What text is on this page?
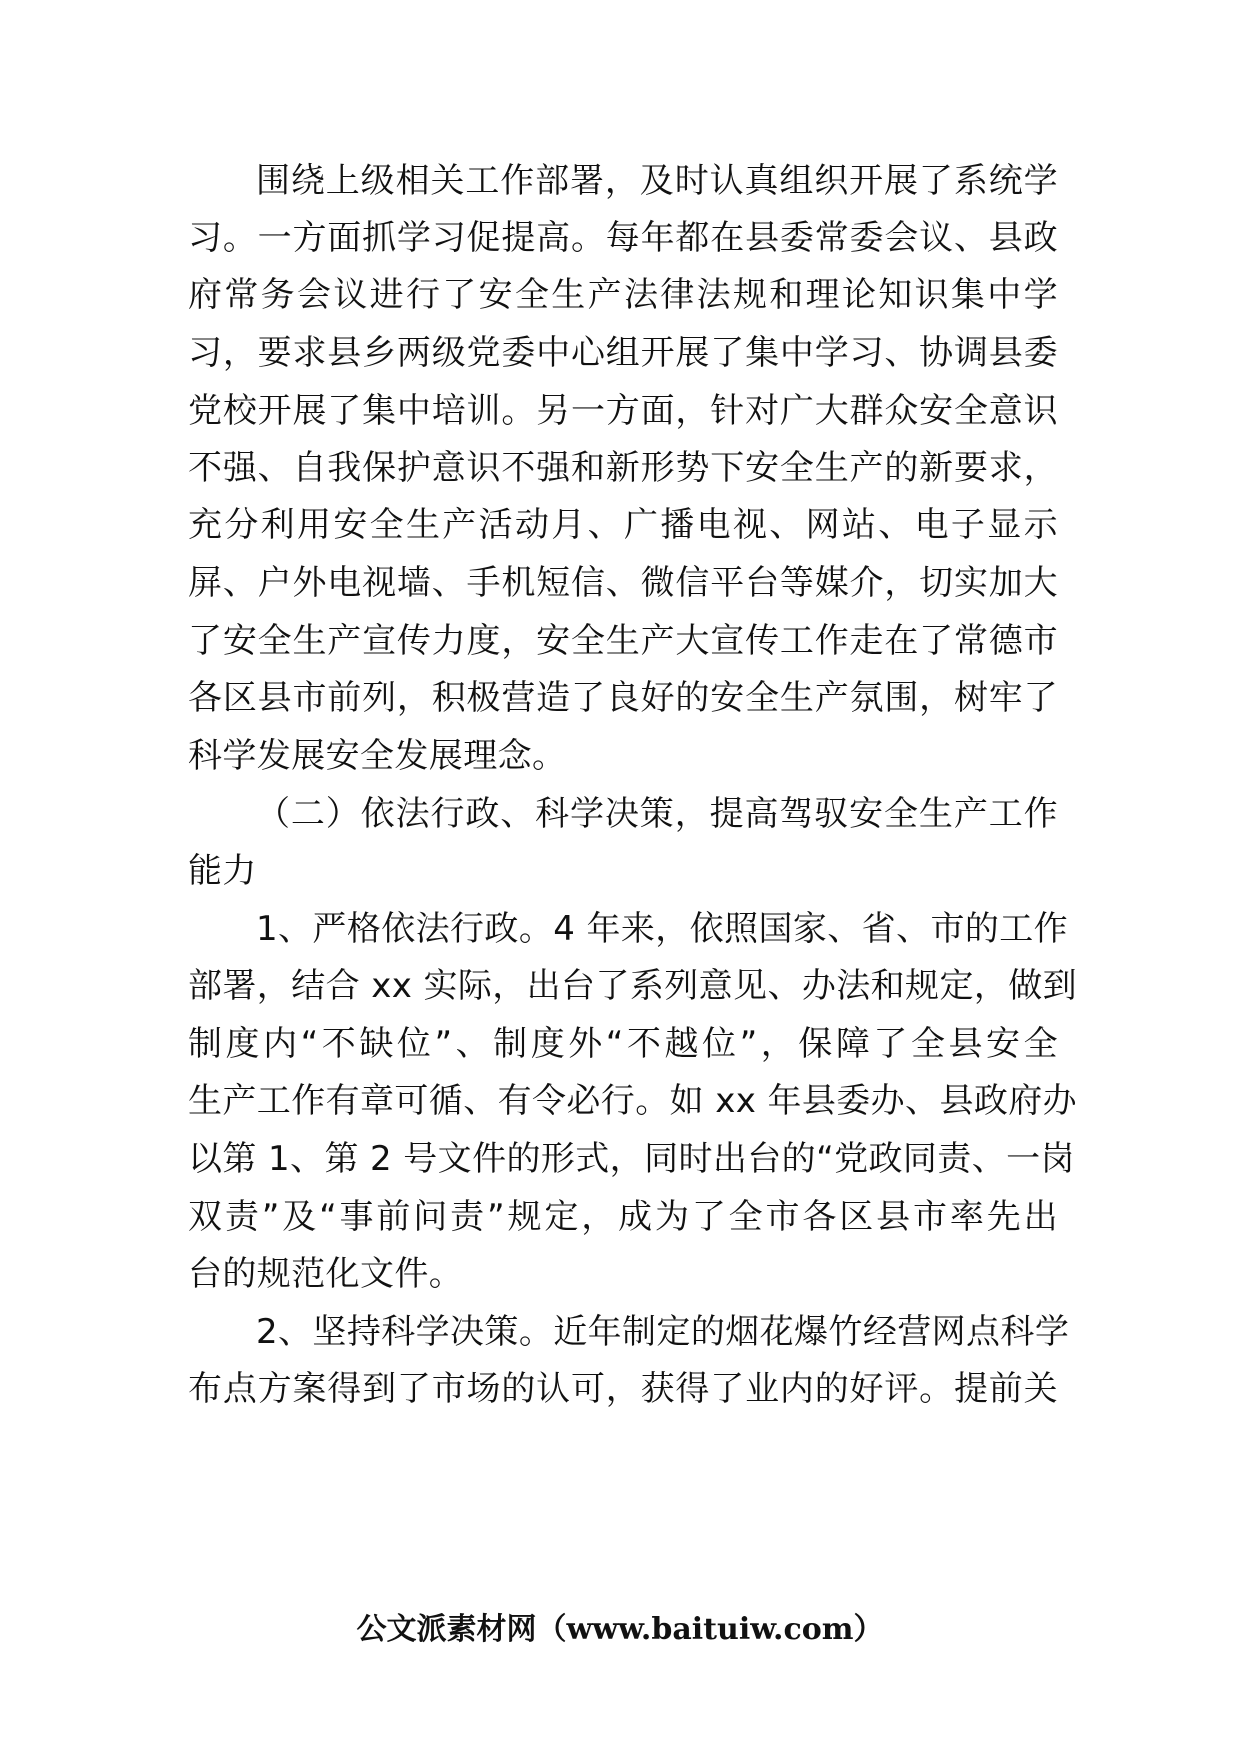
围绕上级相关工作部署，及时认真组织开展了系统学
习。一方面抓学习促提高。每年都在县委常委会议、县政
府常务会议进行了安全生产法律法规和理论知识集中学
习，要求县乡两级党委中心组开展了集中学习、协调县委
党校开展了集中培训。另一方面，针对广大群众安全意识
不强、自我保护意识不强和新形势下安全生产的新要求，
充分利用安全生产活动月、广播电视、网站、电子显示
屏、户外电视墙、手机短信、微信平台等媒介，切实加大
了安全生产宣传力度，安全生产大宣传工作走在了常德市
各区县市前列，积极营造了良好的安全生产氛围，树牢了
科学发展安全发展理念。
（二）依法行政、科学决策，提高驾驭安全生产工作
能力
1、严格依法行政。4 年来，依照国家、省、市的工作
部署，结合 xx 实际，出台了系列意见、办法和规定，做到
制度内“不缺位”、制度外“不越位”，保障了全县安全
生产工作有章可循、有令必行。如 xx 年县委办、县政府办
以第 1、第 2 号文件的形式，同时出台的“党政同责、一岗
双责”及“事前问责”规定，成为了全市各区县市率先出
台的规范化文件。
2、坚持科学决策。近年制定的烟花爆竹经营网点科学
布点方案得到了市场的认可，获得了业内的好评。提前关
公文派素材网（www.baituiw.com）
